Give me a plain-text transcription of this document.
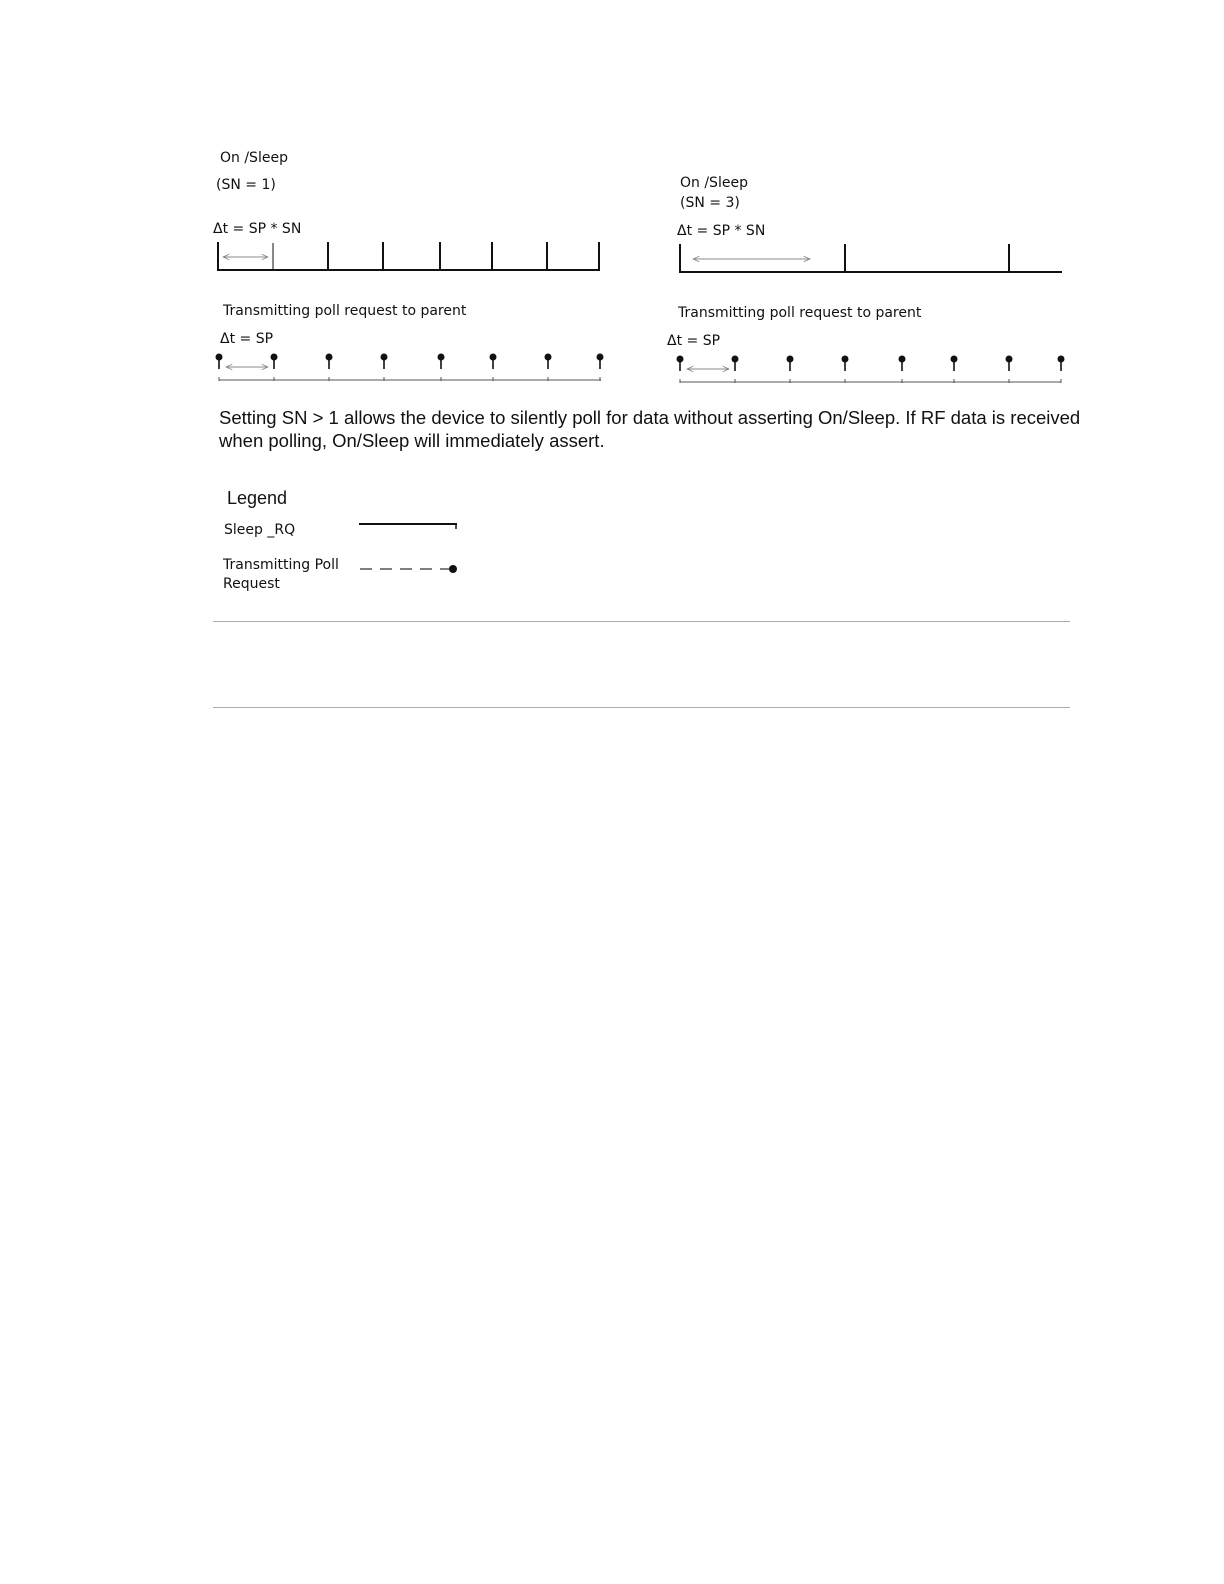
On /Sleep
(SN = 1)
Δt = SP * SN
Transmitting poll request to parent
Δt = SP
On /Sleep
(SN = 3)
Δt = SP * SN
Transmitting poll request to parent
Δt = SP
Setting SN > 1 allows the device to silently poll for data without asserting On/Sleep. If RF data is received when polling, On/Sleep will immediately assert.
Legend
Sleep _RQ
Transmitting Poll
Request
